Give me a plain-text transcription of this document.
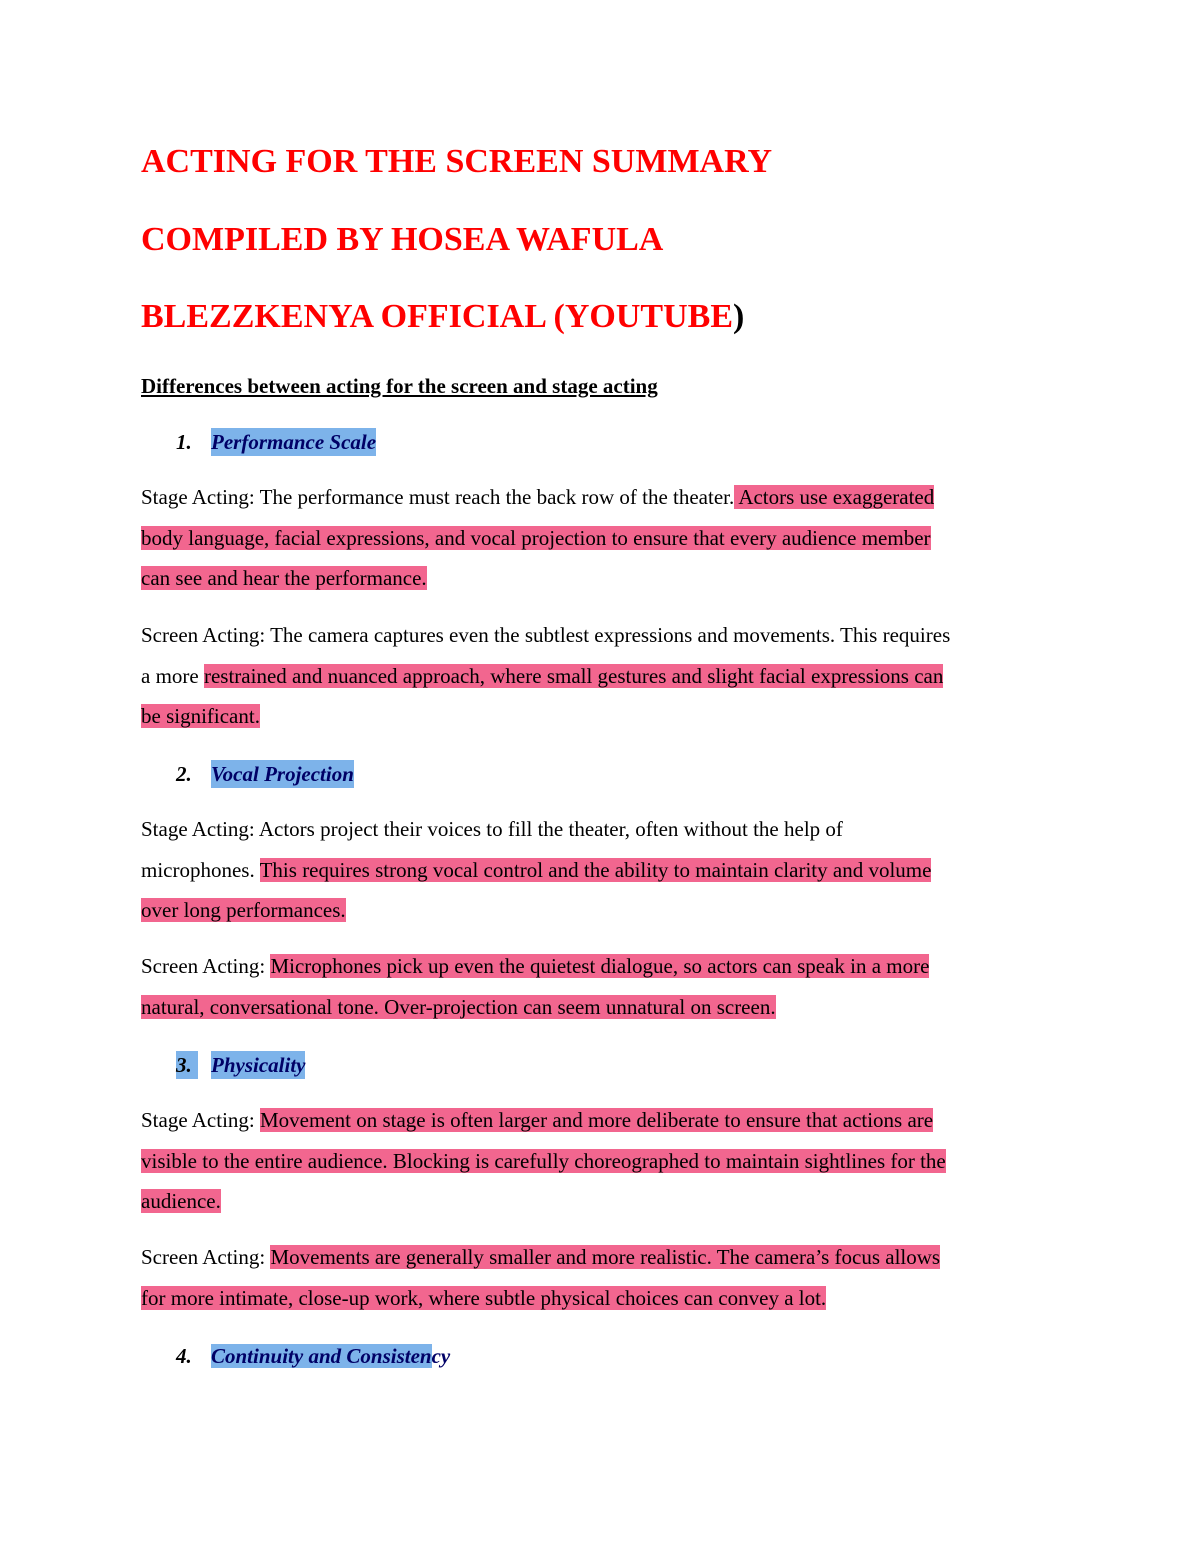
ACTING FOR THE SCREEN SUMMARY
COMPILED BY HOSEA WAFULA
BLEZZKENYA OFFICIAL (YOUTUBE)
Differences between acting for the screen and stage acting
1. Performance Scale
Stage Acting: The performance must reach the back row of the theater. Actors use exaggerated
body language, facial expressions, and vocal projection to ensure that every audience member
can see and hear the performance.
Screen Acting: The camera captures even the subtlest expressions and movements. This requires
a more restrained and nuanced approach, where small gestures and slight facial expressions can
be significant.
2. Vocal Projection
Stage Acting: Actors project their voices to fill the theater, often without the help of
microphones. This requires strong vocal control and the ability to maintain clarity and volume
over long performances.
Screen Acting: Microphones pick up even the quietest dialogue, so actors can speak in a more
natural, conversational tone. Over-projection can seem unnatural on screen.
3. Physicality
Stage Acting: Movement on stage is often larger and more deliberate to ensure that actions are
visible to the entire audience. Blocking is carefully choreographed to maintain sightlines for the
audience.
Screen Acting: Movements are generally smaller and more realistic. The camera’s focus allows
for more intimate, close-up work, where subtle physical choices can convey a lot.
4. Continuity and Consistency
